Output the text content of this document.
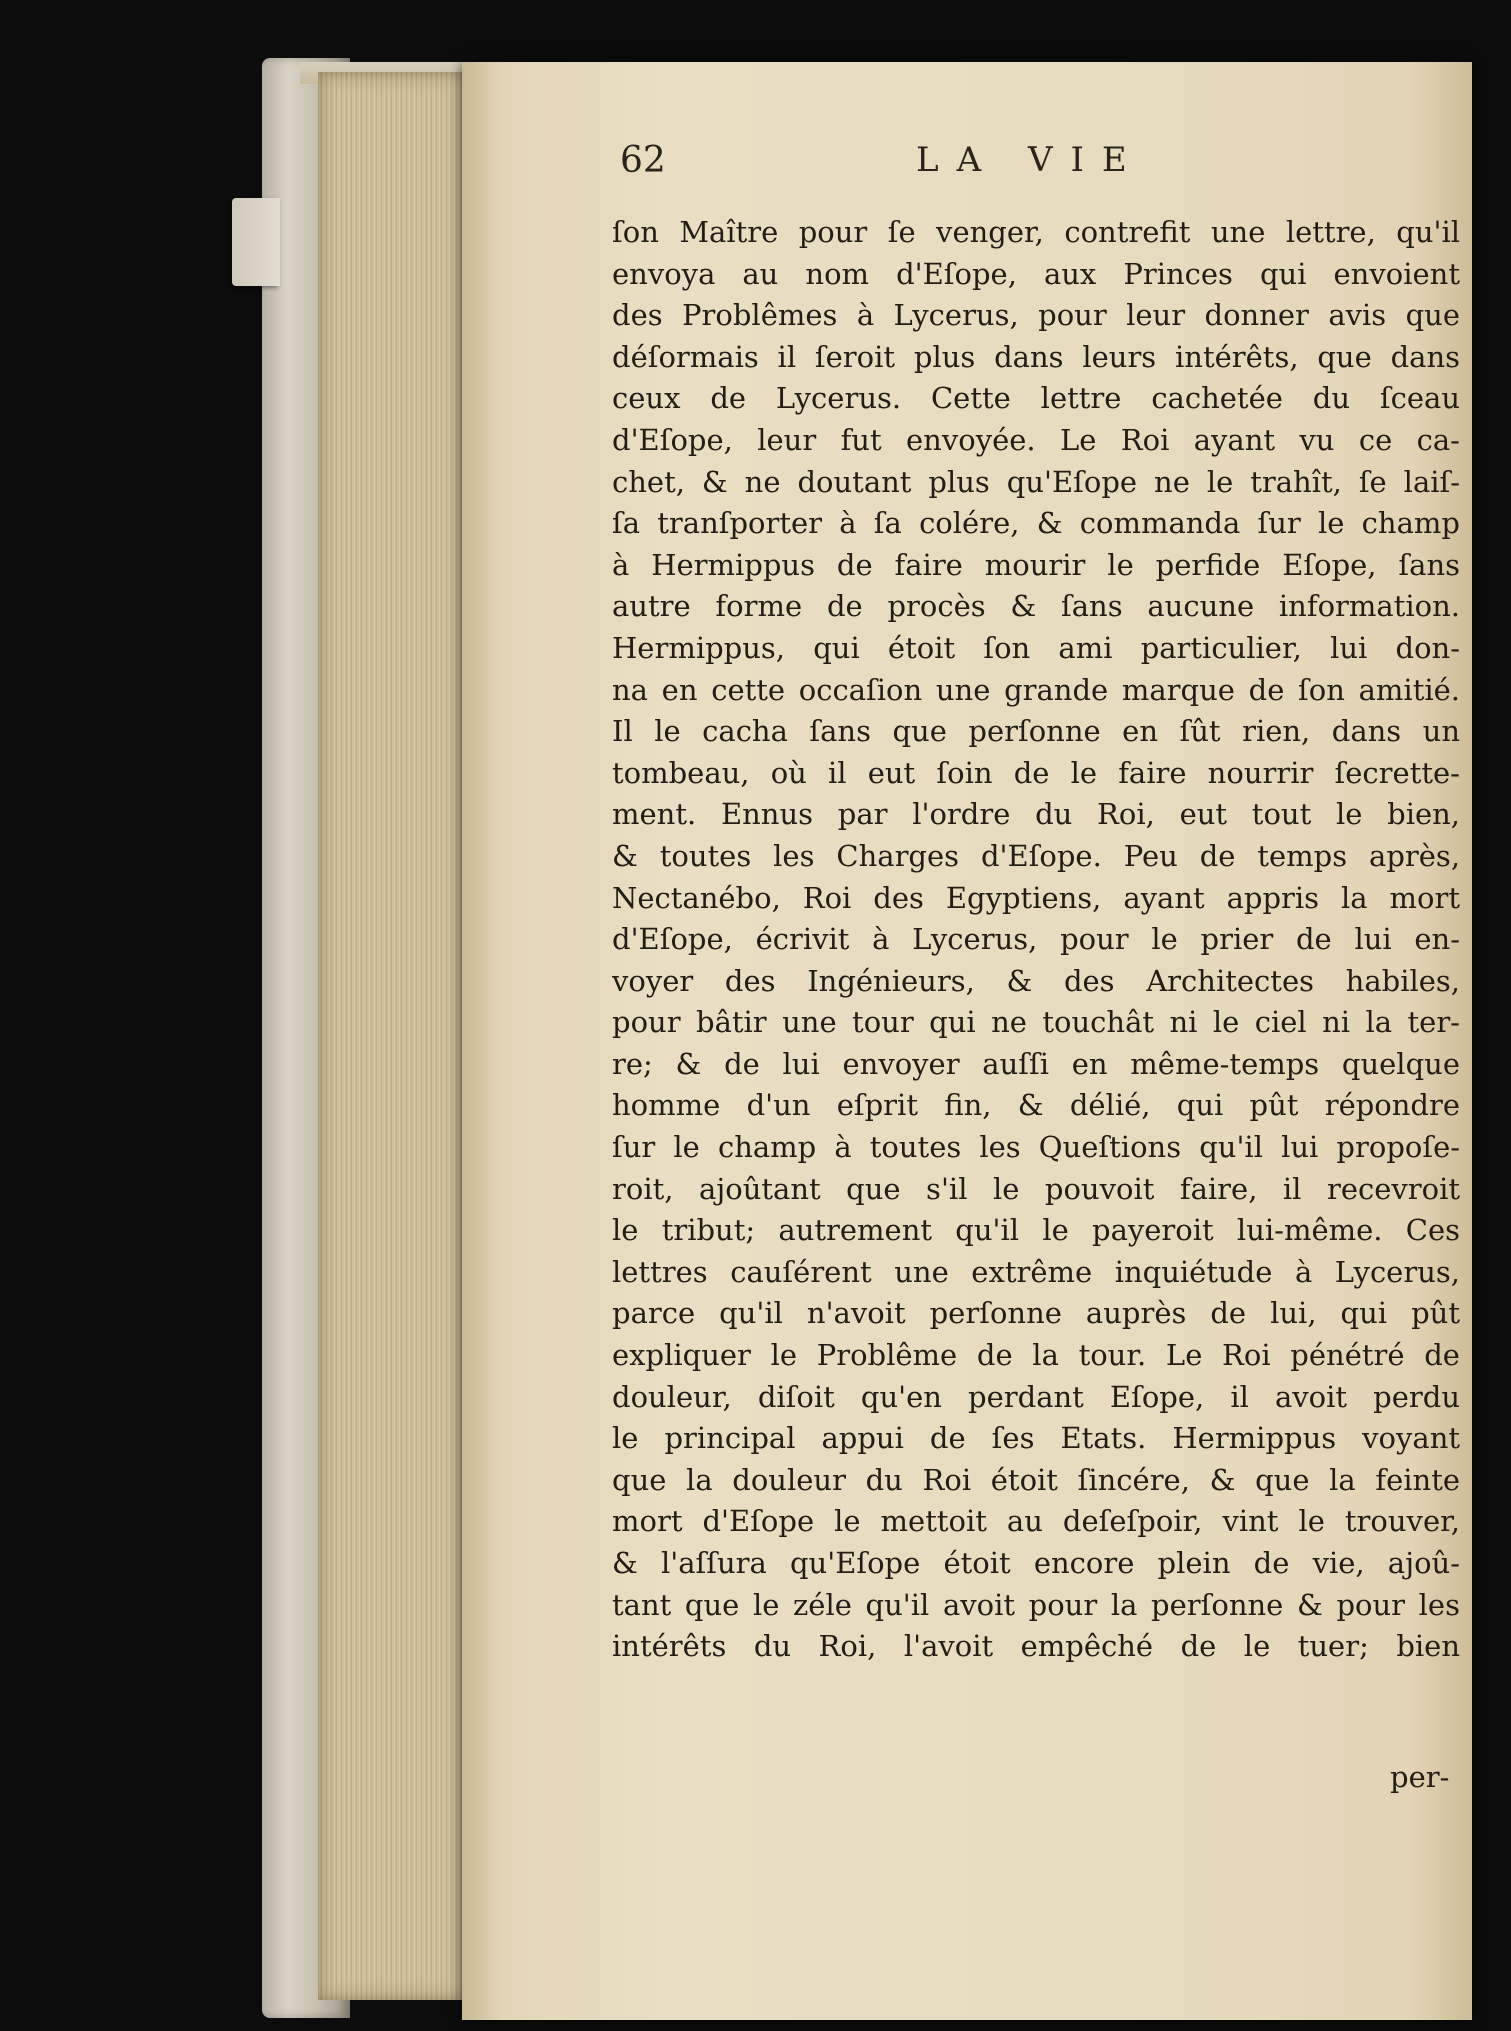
62	LA VIE
ſon Maître pour ſe venger, contrefit une lettre, qu'il
envoya au nom d'Eſope, aux Princes qui envoient
des Problêmes à Lycerus, pour leur donner avis que
déſormais il ſeroit plus dans leurs intérêts, que dans
ceux de Lycerus. Cette lettre cachetée du ſceau
d'Eſope, leur fut envoyée. Le Roi ayant vu ce ca-
chet, & ne doutant plus qu'Eſope ne le trahît, ſe laiſ-
ſa tranſporter à ſa colére, & commanda ſur le champ
à Hermippus de faire mourir le perfide Eſope, ſans
autre forme de procès & ſans aucune information.
Hermippus, qui étoit ſon ami particulier, lui don-
na en cette occaſion une grande marque de ſon amitié.
Il le cacha ſans que perſonne en ſût rien, dans un
tombeau, où il eut ſoin de le faire nourrir ſecrette-
ment. Ennus par l'ordre du Roi, eut tout le bien,
& toutes les Charges d'Eſope. Peu de temps après,
Nectanébo, Roi des Egyptiens, ayant appris la mort
d'Eſope, écrivit à Lycerus, pour le prier de lui en-
voyer des Ingénieurs, & des Architectes habiles,
pour bâtir une tour qui ne touchât ni le ciel ni la ter-
re; & de lui envoyer auſſi en même-temps quelque
homme d'un eſprit fin, & délié, qui pût répondre
ſur le champ à toutes les Queſtions qu'il lui propoſe-
roit, ajoûtant que s'il le pouvoit faire, il recevroit
le tribut; autrement qu'il le payeroit lui-même. Ces
lettres cauſérent une extrême inquiétude à Lycerus,
parce qu'il n'avoit perſonne auprès de lui, qui pût
expliquer le Problême de la tour. Le Roi pénétré de
douleur, diſoit qu'en perdant Eſope, il avoit perdu
le principal appui de ſes Etats. Hermippus voyant
que la douleur du Roi étoit ſincére, & que la feinte
mort d'Eſope le mettoit au deſeſpoir, vint le trouver,
& l'aſſura qu'Eſope étoit encore plein de vie, ajoû-
tant que le zéle qu'il avoit pour la perſonne & pour les
intérêts du Roi, l'avoit empêché de le tuer; bien
per-
